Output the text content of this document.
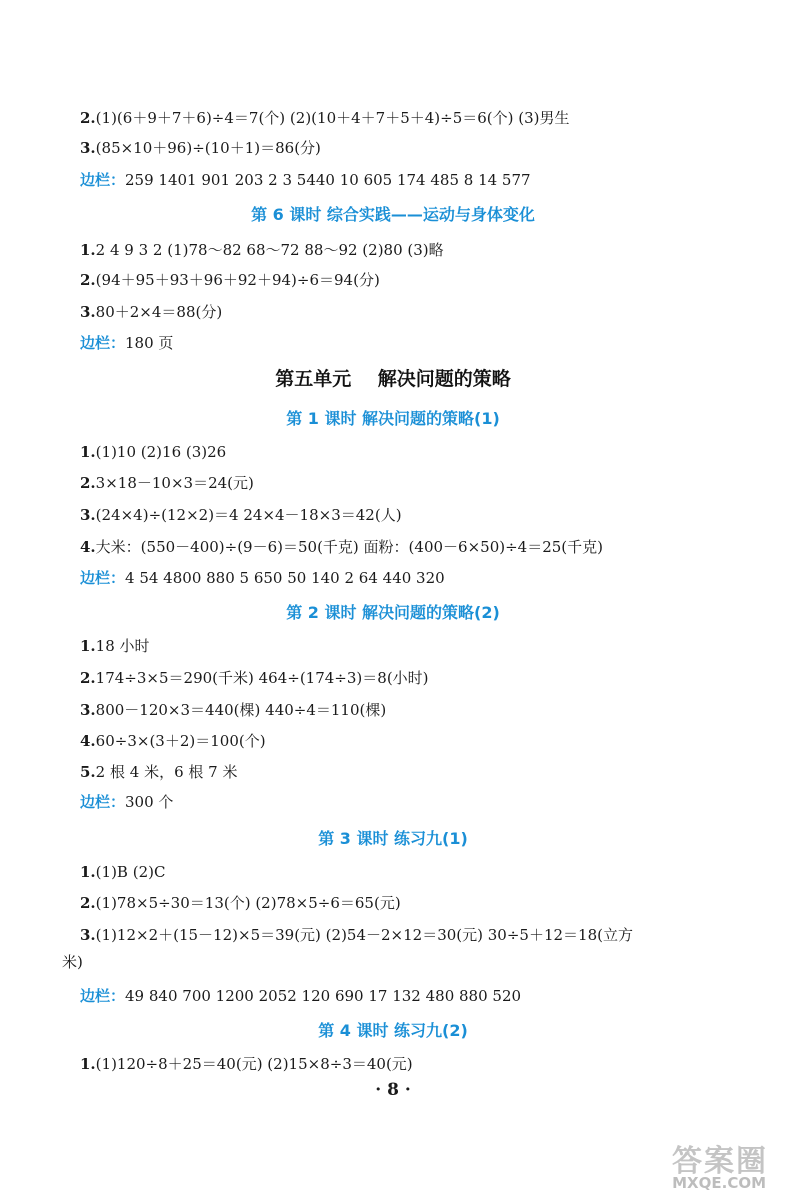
2.(1)(6＋9＋7＋6)÷4＝7(个) (2)(10＋4＋7＋5＋4)÷5＝6(个) (3)男生
3.(85×10＋96)÷(10＋1)＝86(分)
边栏：259 1401 901 203 2 3 5440 10 605 174 485 8 14 577
第 6 课时 综合实践——运动与身体变化
1.2 4 9 3 2 (1)78～82 68～72 88～92 (2)80 (3)略
2.(94＋95＋93＋96＋92＋94)÷6＝94(分)
3.80＋2×4＝88(分)
边栏：180 页
第五单元    解决问题的策略
第 1 课时 解决问题的策略(1)
1.(1)10 (2)16 (3)26
2.3×18－10×3＝24(元)
3.(24×4)÷(12×2)＝4 24×4－18×3＝42(人)
4.大米：(550－400)÷(9－6)＝50(千克) 面粉：(400－6×50)÷4＝25(千克)
边栏：4 54 4800 880 5 650 50 140 2 64 440 320
第 2 课时 解决问题的策略(2)
1.18 小时
2.174÷3×5＝290(千米) 464÷(174÷3)＝8(小时)
3.800－120×3＝440(棵) 440÷4＝110(棵)
4.60÷3×(3＋2)＝100(个)
5.2 根 4 米，6 根 7 米
边栏：300 个
第 3 课时 练习九(1)
1.(1)B (2)C
2.(1)78×5÷30＝13(个) (2)78×5÷6＝65(元)
3.(1)12×2＋(15－12)×5＝39(元) (2)54－2×12＝30(元) 30÷5＋12＝18(立方
米)
边栏：49 840 700 1200 2052 120 690 17 132 480 880 520
第 4 课时 练习九(2)
1.(1)120÷8＋25＝40(元) (2)15×8÷3＝40(元)
· 8 ·
答案圈
MXQE.COM
